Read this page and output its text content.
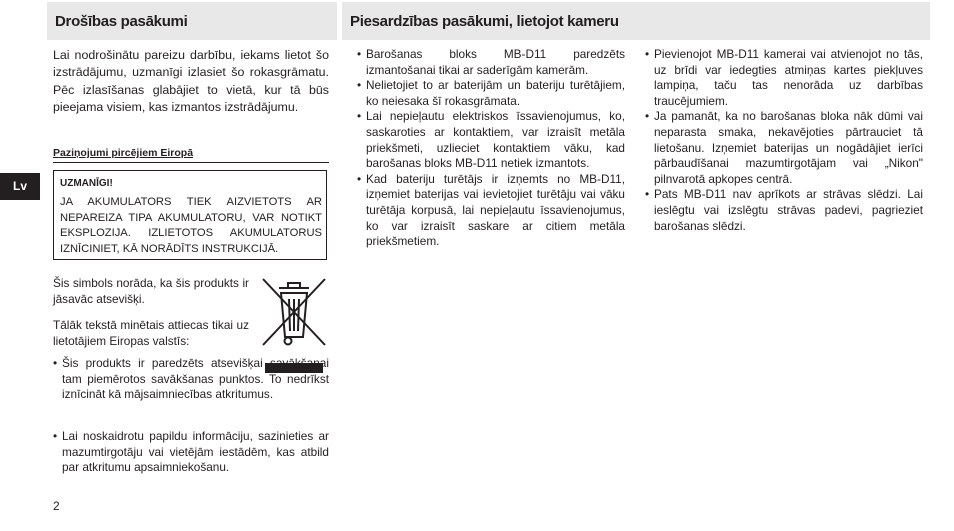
Drošības pasākumi	Piesardzības pasākumi, lietojot kameru
Lai nodrošinātu pareizu darbību, iekams lietot šo izstrādājumu, uzmanīgi izlasiet šo rokasgrāmatu. Pēc izlasīšanas glabājiet to vietā, kur tā būs pieejama visiem, kas izmantos izstrādājumu.
Paziņojumi pircējiem Eiropā
UZMANĪGI!
JA AKUMULATORS TIEK AIZVIETOTS AR NEPAREIZA TIPA AKUMULATORU, VAR NOTIKT EKSPLOZIJA. IZLIETOTOS AKUMULATORUS IZNĪCINIET, KĀ NORĀDĪTS INSTRUKCIJĀ.
Lv
Šis simbols norāda, ka šis produkts ir jāsavāc atsevišķi.
Tālāk tekstā minētais attiecas tikai uz lietotājiem Eiropas valstīs:
• Šis produkts ir paredzēts atsevišķai savākšanai tam piemērotos savākšanas punktos. To nedrīkst iznīcināt kā mājsaimniecības atkritumus.
• Lai noskaidrotu papildu informāciju, sazinieties ar mazumtirgotāju vai vietējām iestādēm, kas atbild par atkritumu apsaimniekošanu.
• Barošanas bloks MB-D11 paredzēts izmantošanai tikai ar saderīgām kamerām.
• Nelietojiet to ar baterijām un bateriju turētājiem, ko neiesaka šī rokasgrāmata.
• Lai nepieļautu elektriskos īssavienojumus, ko, saskaroties ar kontaktiem, var izraisīt metāla priekšmeti, uzlieciet kontaktiem vāku, kad barošanas bloks MB-D11 netiek izmantots.
• Kad bateriju turētājs ir izņemts no MB-D11, izņemiet baterijas vai ievietojiet turētāju vai vāku turētāja korpusā, lai nepieļautu īssavienojumus, ko var izraisīt saskare ar citiem metāla priekšmetiem.
• Pievienojot MB-D11 kamerai vai atvienojot no tās, uz brīdi var iedegties atmiņas kartes piekļuves lampiņa, taču tas nenorāda uz darbības traucējumiem.
• Ja pamanāt, ka no barošanas bloka nāk dūmi vai neparasta smaka, nekavējoties pārtrauciet tā lietošanu. Izņemiet baterijas un nogādājiet ierīci pārbaudīšanai mazumtirgotājam vai „Nikon" pilnvarotā apkopes centrā.
• Pats MB-D11 nav aprīkots ar strāvas slēdzi. Lai ieslēgtu vai izslēgtu strāvas padevi, pagrieziet barošanas slēdzi.
2
